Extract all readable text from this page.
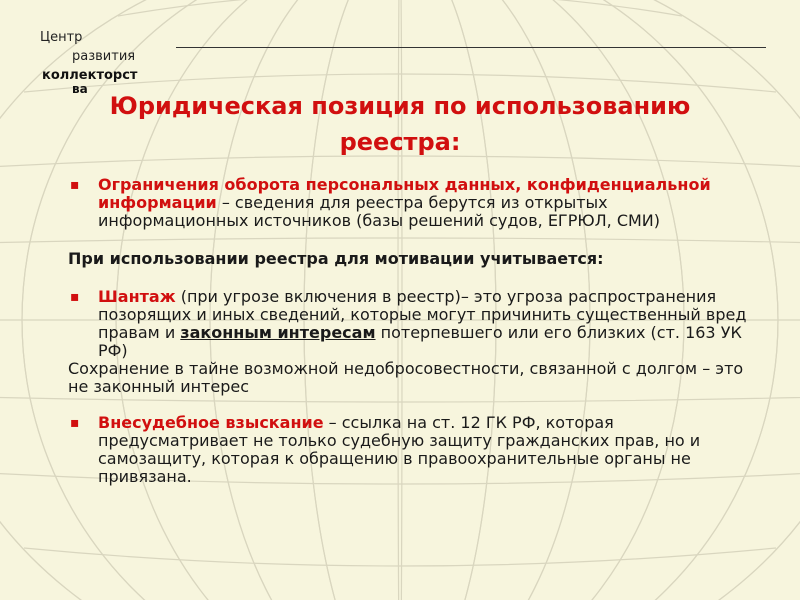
Центр
развития
коллекторст
ва
Юридическая позиция по использованию
реестра:

▪ Ограничения оборота персональных данных, конфиденциальной информации – сведения для реестра берутся из открытых информационных источников (базы решений судов, ЕГРЮЛ, СМИ)

При использовании реестра для мотивации учитывается:

▪ Шантаж (при угрозе включения в реестр)– это угроза распространения позорящих и иных сведений, которые могут причинить существенный вред правам и законным интересам потерпевшего или его близких (ст. 163 УК РФ)

Сохранение в тайне возможной недобросовестности, связанной с долгом – это не законный интерес

▪ Внесудебное взыскание – ссылка на ст. 12 ГК РФ, которая предусматривает не только судебную защиту гражданских прав, но и самозащиту, которая к обращению в правоохранительные органы не привязана.
